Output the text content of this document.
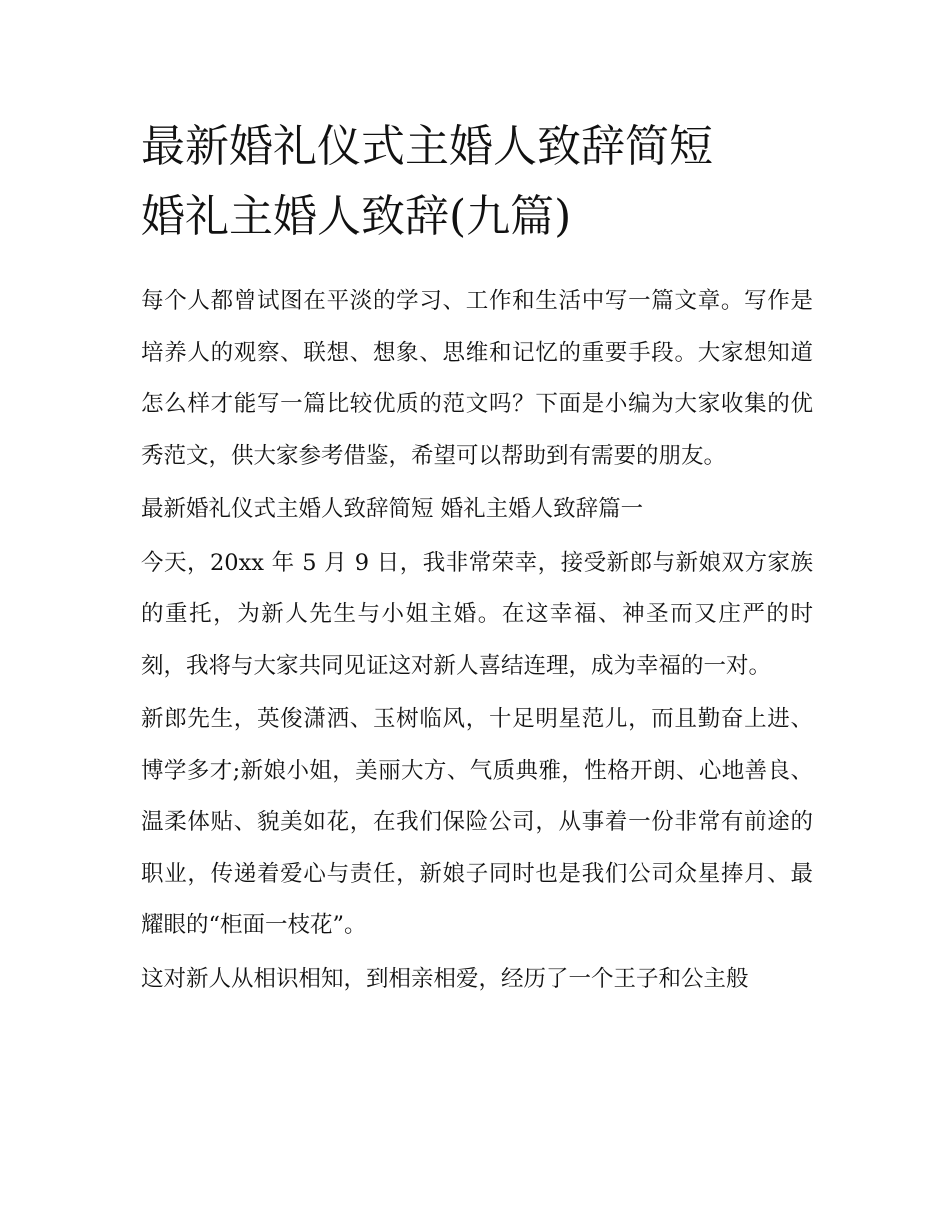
最新婚礼仪式主婚人致辞简短
婚礼主婚人致辞(九篇)

每个人都曾试图在平淡的学习、工作和生活中写一篇文章。写作是培养人的观察、联想、想象、思维和记忆的重要手段。大家想知道怎么样才能写一篇比较优质的范文吗？下面是小编为大家收集的优秀范文，供大家参考借鉴，希望可以帮助到有需要的朋友。

最新婚礼仪式主婚人致辞简短 婚礼主婚人致辞篇一

今天，20xx 年 5 月 9 日，我非常荣幸，接受新郎与新娘双方家族的重托，为新人先生与小姐主婚。在这幸福、神圣而又庄严的时刻，我将与大家共同见证这对新人喜结连理，成为幸福的一对。

新郎先生，英俊潇洒、玉树临风，十足明星范儿，而且勤奋上进、博学多才;新娘小姐，美丽大方、气质典雅，性格开朗、心地善良、温柔体贴、貌美如花，在我们保险公司，从事着一份非常有前途的职业，传递着爱心与责任，新娘子同时也是我们公司众星捧月、最耀眼的“柜面一枝花”。

这对新人从相识相知，到相亲相爱，经历了一个王子和公主般
